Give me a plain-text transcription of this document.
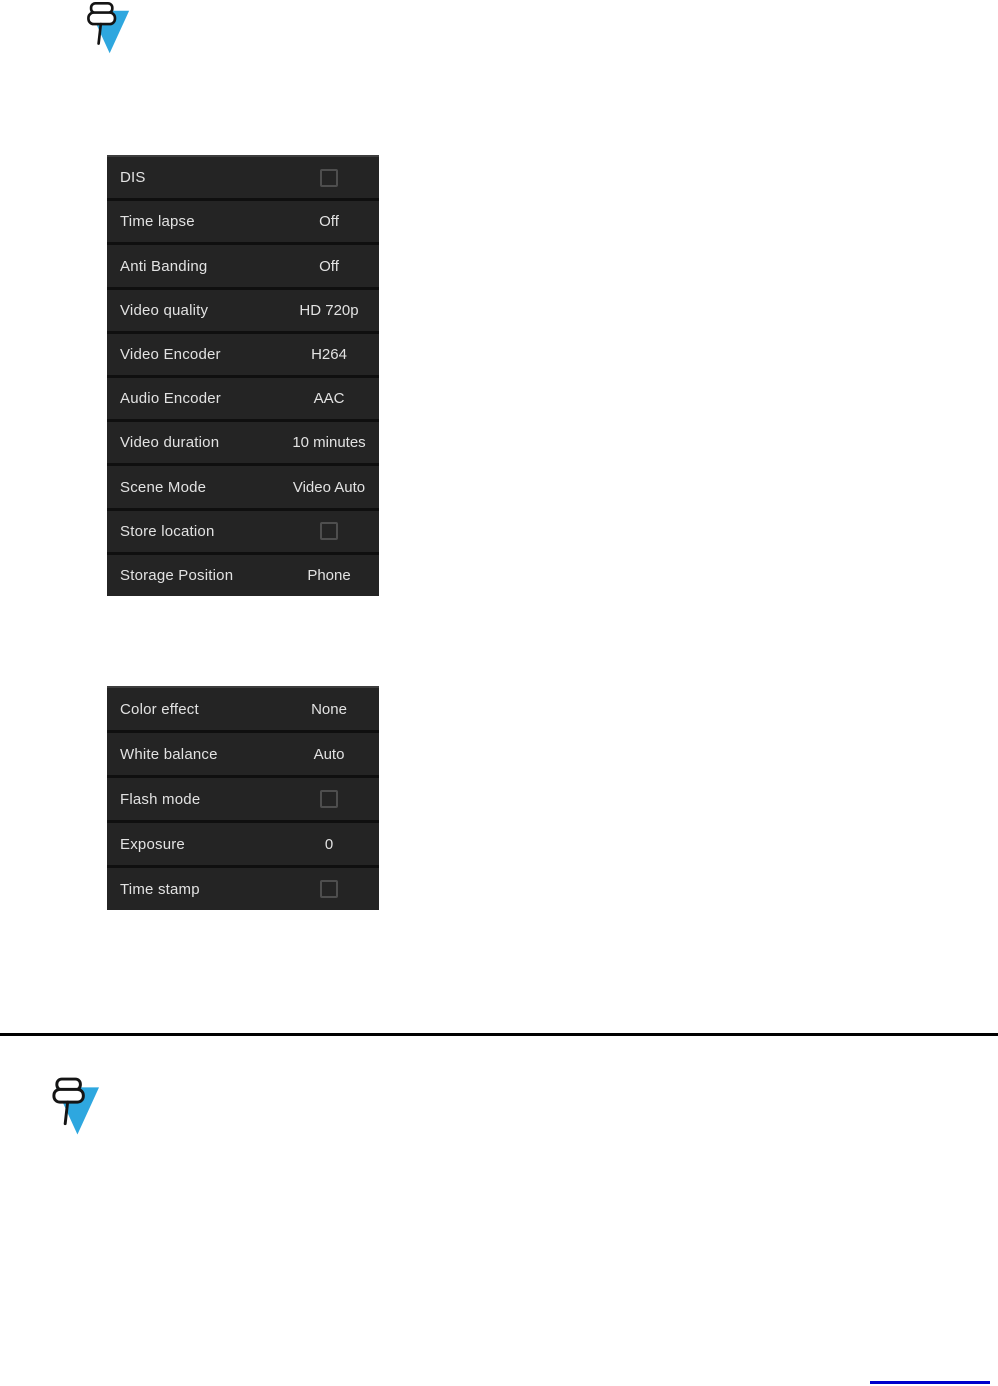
DIS
Time lapse	Off
Anti Banding	Off
Video quality	HD 720p
Video Encoder	H264
Audio Encoder	AAC
Video duration	10 minutes
Scene Mode	Video Auto
Store location
Storage Position	Phone
Color effect	None
White balance	Auto
Flash mode
Exposure	0
Time stamp
